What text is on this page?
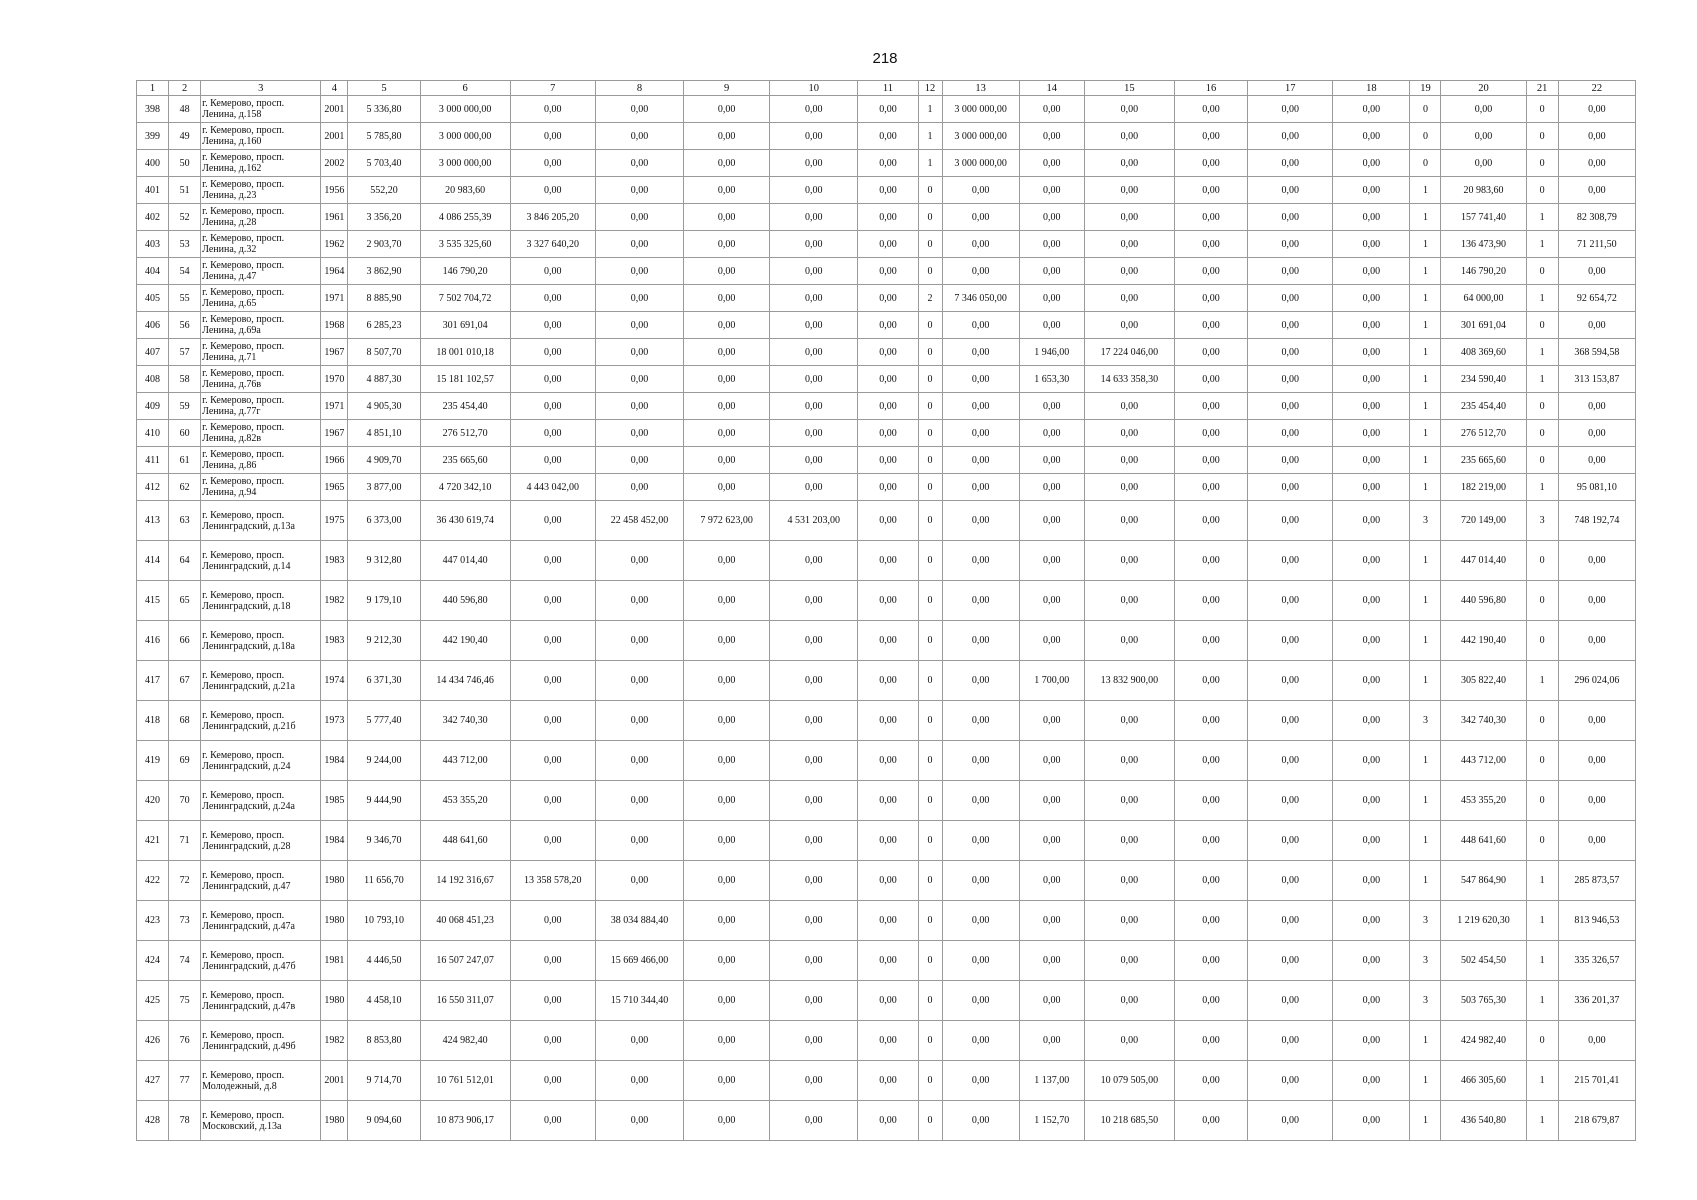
218
1	2	3	4	5	6	7	8	9	10	11	12	13	14	15	16	17	18	19	20	21	22
398	48	г. Кемерово, просп. Ленина, д.158	2001	5 336,80	3 000 000,00	0,00	0,00	0,00	0,00	0,00	1	3 000 000,00	0,00	0,00	0,00	0,00	0,00	0	0,00	0	0,00
399	49	г. Кемерово, просп. Ленина, д.160	2001	5 785,80	3 000 000,00	0,00	0,00	0,00	0,00	0,00	1	3 000 000,00	0,00	0,00	0,00	0,00	0,00	0	0,00	0	0,00
400	50	г. Кемерово, просп. Ленина, д.162	2002	5 703,40	3 000 000,00	0,00	0,00	0,00	0,00	0,00	1	3 000 000,00	0,00	0,00	0,00	0,00	0,00	0	0,00	0	0,00
401	51	г. Кемерово, просп. Ленина, д.23	1956	552,20	20 983,60	0,00	0,00	0,00	0,00	0,00	0	0,00	0,00	0,00	0,00	0,00	0,00	1	20 983,60	0	0,00
402	52	г. Кемерово, просп. Ленина, д.28	1961	3 356,20	4 086 255,39	3 846 205,20	0,00	0,00	0,00	0,00	0	0,00	0,00	0,00	0,00	0,00	0,00	1	157 741,40	1	82 308,79
403	53	г. Кемерово, просп. Ленина, д.32	1962	2 903,70	3 535 325,60	3 327 640,20	0,00	0,00	0,00	0,00	0	0,00	0,00	0,00	0,00	0,00	0,00	1	136 473,90	1	71 211,50
404	54	г. Кемерово, просп. Ленина, д.47	1964	3 862,90	146 790,20	0,00	0,00	0,00	0,00	0,00	0	0,00	0,00	0,00	0,00	0,00	0,00	1	146 790,20	0	0,00
405	55	г. Кемерово, просп. Ленина, д.65	1971	8 885,90	7 502 704,72	0,00	0,00	0,00	0,00	0,00	2	7 346 050,00	0,00	0,00	0,00	0,00	0,00	1	64 000,00	1	92 654,72
406	56	г. Кемерово, просп. Ленина, д.69а	1968	6 285,23	301 691,04	0,00	0,00	0,00	0,00	0,00	0	0,00	0,00	0,00	0,00	0,00	0,00	1	301 691,04	0	0,00
407	57	г. Кемерово, просп. Ленина, д.71	1967	8 507,70	18 001 010,18	0,00	0,00	0,00	0,00	0,00	0	0,00	1 946,00	17 224 046,00	0,00	0,00	0,00	1	408 369,60	1	368 594,58
408	58	г. Кемерово, просп. Ленина, д.76в	1970	4 887,30	15 181 102,57	0,00	0,00	0,00	0,00	0,00	0	0,00	1 653,30	14 633 358,30	0,00	0,00	0,00	1	234 590,40	1	313 153,87
409	59	г. Кемерово, просп. Ленина, д.77г	1971	4 905,30	235 454,40	0,00	0,00	0,00	0,00	0,00	0	0,00	0,00	0,00	0,00	0,00	0,00	1	235 454,40	0	0,00
410	60	г. Кемерово, просп. Ленина, д.82в	1967	4 851,10	276 512,70	0,00	0,00	0,00	0,00	0,00	0	0,00	0,00	0,00	0,00	0,00	0,00	1	276 512,70	0	0,00
411	61	г. Кемерово, просп. Ленина, д.86	1966	4 909,70	235 665,60	0,00	0,00	0,00	0,00	0,00	0	0,00	0,00	0,00	0,00	0,00	0,00	1	235 665,60	0	0,00
412	62	г. Кемерово, просп. Ленина, д.94	1965	3 877,00	4 720 342,10	4 443 042,00	0,00	0,00	0,00	0,00	0	0,00	0,00	0,00	0,00	0,00	0,00	1	182 219,00	1	95 081,10
413	63	г. Кемерово, просп. Ленинградский, д.13а	1975	6 373,00	36 430 619,74	0,00	22 458 452,00	7 972 623,00	4 531 203,00	0,00	0	0,00	0,00	0,00	0,00	0,00	0,00	3	720 149,00	3	748 192,74
414	64	г. Кемерово, просп. Ленинградский, д.14	1983	9 312,80	447 014,40	0,00	0,00	0,00	0,00	0,00	0	0,00	0,00	0,00	0,00	0,00	0,00	1	447 014,40	0	0,00
415	65	г. Кемерово, просп. Ленинградский, д.18	1982	9 179,10	440 596,80	0,00	0,00	0,00	0,00	0,00	0	0,00	0,00	0,00	0,00	0,00	0,00	1	440 596,80	0	0,00
416	66	г. Кемерово, просп. Ленинградский, д.18а	1983	9 212,30	442 190,40	0,00	0,00	0,00	0,00	0,00	0	0,00	0,00	0,00	0,00	0,00	0,00	1	442 190,40	0	0,00
417	67	г. Кемерово, просп. Ленинградский, д.21а	1974	6 371,30	14 434 746,46	0,00	0,00	0,00	0,00	0,00	0	0,00	1 700,00	13 832 900,00	0,00	0,00	0,00	1	305 822,40	1	296 024,06
418	68	г. Кемерово, просп. Ленинградский, д.21б	1973	5 777,40	342 740,30	0,00	0,00	0,00	0,00	0,00	0	0,00	0,00	0,00	0,00	0,00	0,00	3	342 740,30	0	0,00
419	69	г. Кемерово, просп. Ленинградский, д.24	1984	9 244,00	443 712,00	0,00	0,00	0,00	0,00	0,00	0	0,00	0,00	0,00	0,00	0,00	0,00	1	443 712,00	0	0,00
420	70	г. Кемерово, просп. Ленинградский, д.24а	1985	9 444,90	453 355,20	0,00	0,00	0,00	0,00	0,00	0	0,00	0,00	0,00	0,00	0,00	0,00	1	453 355,20	0	0,00
421	71	г. Кемерово, просп. Ленинградский, д.28	1984	9 346,70	448 641,60	0,00	0,00	0,00	0,00	0,00	0	0,00	0,00	0,00	0,00	0,00	0,00	1	448 641,60	0	0,00
422	72	г. Кемерово, просп. Ленинградский, д.47	1980	11 656,70	14 192 316,67	13 358 578,20	0,00	0,00	0,00	0,00	0	0,00	0,00	0,00	0,00	0,00	0,00	1	547 864,90	1	285 873,57
423	73	г. Кемерово, просп. Ленинградский, д.47а	1980	10 793,10	40 068 451,23	0,00	38 034 884,40	0,00	0,00	0,00	0	0,00	0,00	0,00	0,00	0,00	0,00	3	1 219 620,30	1	813 946,53
424	74	г. Кемерово, просп. Ленинградский, д.47б	1981	4 446,50	16 507 247,07	0,00	15 669 466,00	0,00	0,00	0,00	0	0,00	0,00	0,00	0,00	0,00	0,00	3	502 454,50	1	335 326,57
425	75	г. Кемерово, просп. Ленинградский, д.47в	1980	4 458,10	16 550 311,07	0,00	15 710 344,40	0,00	0,00	0,00	0	0,00	0,00	0,00	0,00	0,00	0,00	3	503 765,30	1	336 201,37
426	76	г. Кемерово, просп. Ленинградский, д.49б	1982	8 853,80	424 982,40	0,00	0,00	0,00	0,00	0,00	0	0,00	0,00	0,00	0,00	0,00	0,00	1	424 982,40	0	0,00
427	77	г. Кемерово, просп. Молодежный, д.8	2001	9 714,70	10 761 512,01	0,00	0,00	0,00	0,00	0,00	0	0,00	1 137,00	10 079 505,00	0,00	0,00	0,00	1	466 305,60	1	215 701,41
428	78	г. Кемерово, просп. Московский, д.13а	1980	9 094,60	10 873 906,17	0,00	0,00	0,00	0,00	0,00	0	0,00	1 152,70	10 218 685,50	0,00	0,00	0,00	1	436 540,80	1	218 679,87
